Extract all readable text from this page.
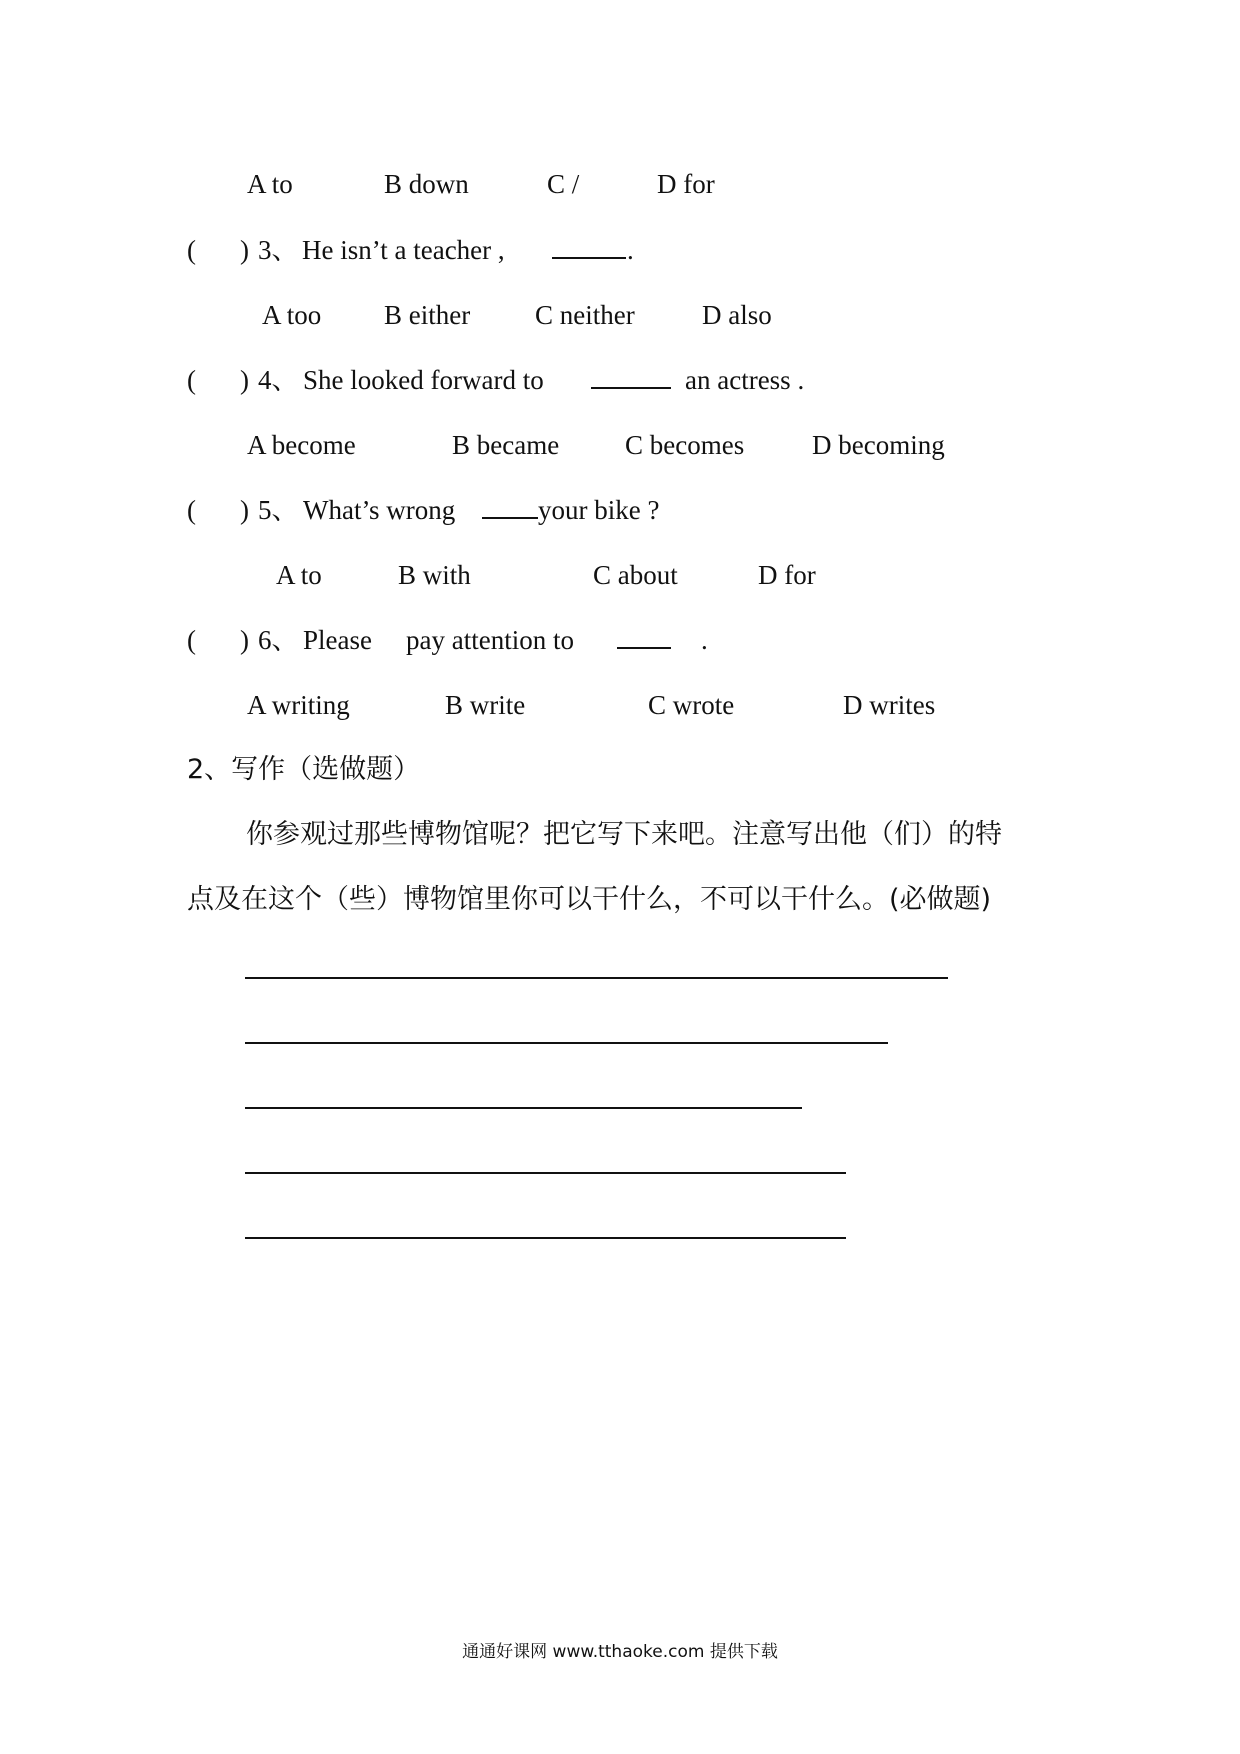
A to	B down	C /	D for
( ) 3、 He isn’t a teacher ,	.
A too B either C neither D also
( ) 4、 She looked forward to	an actress .
A become	B became C becomes	D becoming
( ) 5、 What’s wrong	your bike ?
A to	B with	C about	D for
( ) 6、 Please pay attention to	.
A writing	B write	C wrote	D writes
2、写作（选做题）
你参观过那些博物馆呢？把它写下来吧。注意写出他（们）的特
点及在这个（些）博物馆里你可以干什么，不可以干什么。(必做题)
通通好课网 www.tthaoke.com 提供下载
